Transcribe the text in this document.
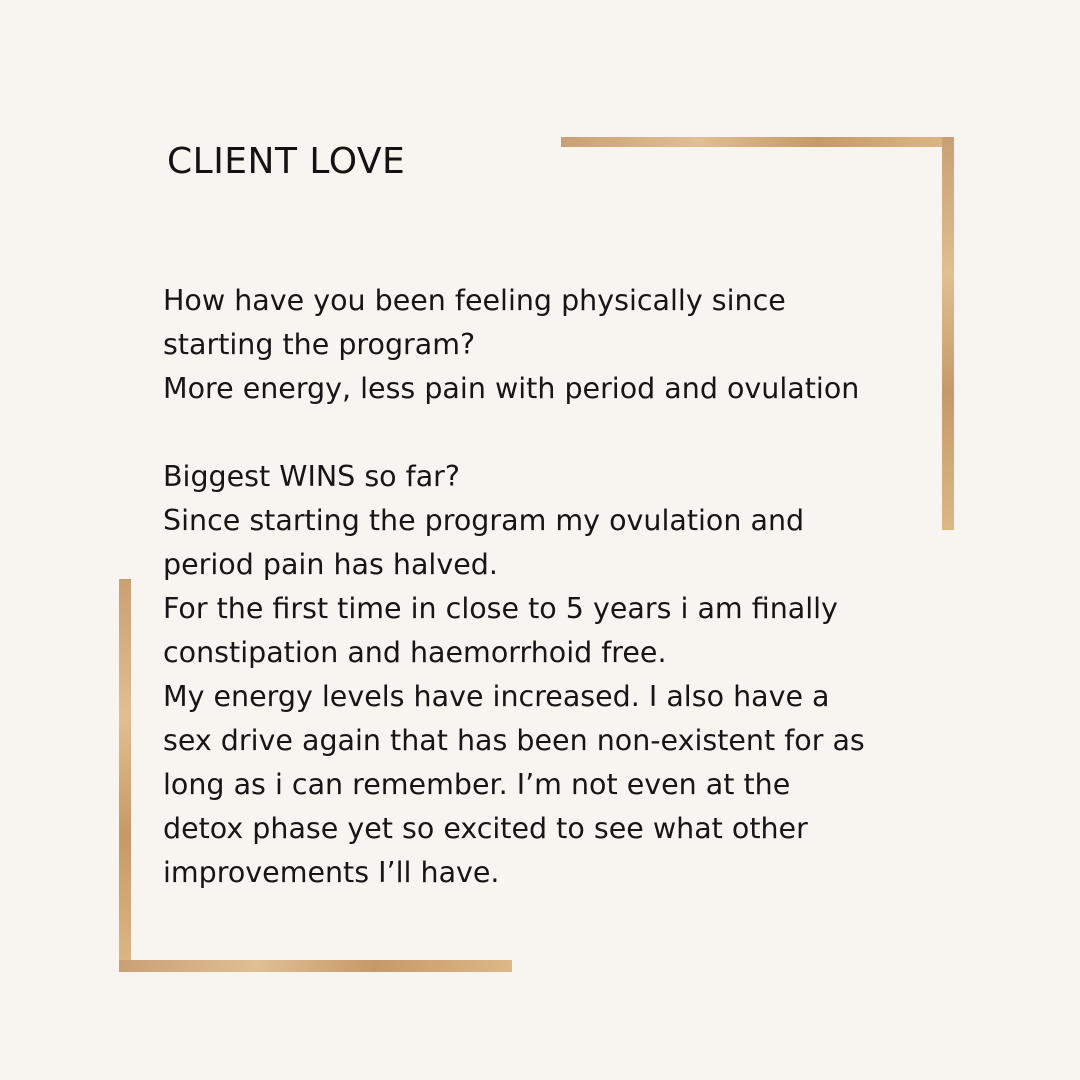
CLIENT LOVE
How have you been feeling physically since
starting the program?
More energy, less pain with period and ovulation
Biggest WINS so far?
Since starting the program my ovulation and
period pain has halved.
For the first time in close to 5 years i am finally
constipation and haemorrhoid free.
My energy levels have increased. I also have a
sex drive again that has been non-existent for as
long as i can remember. I’m not even at the
detox phase yet so excited to see what other
improvements I’ll have.
